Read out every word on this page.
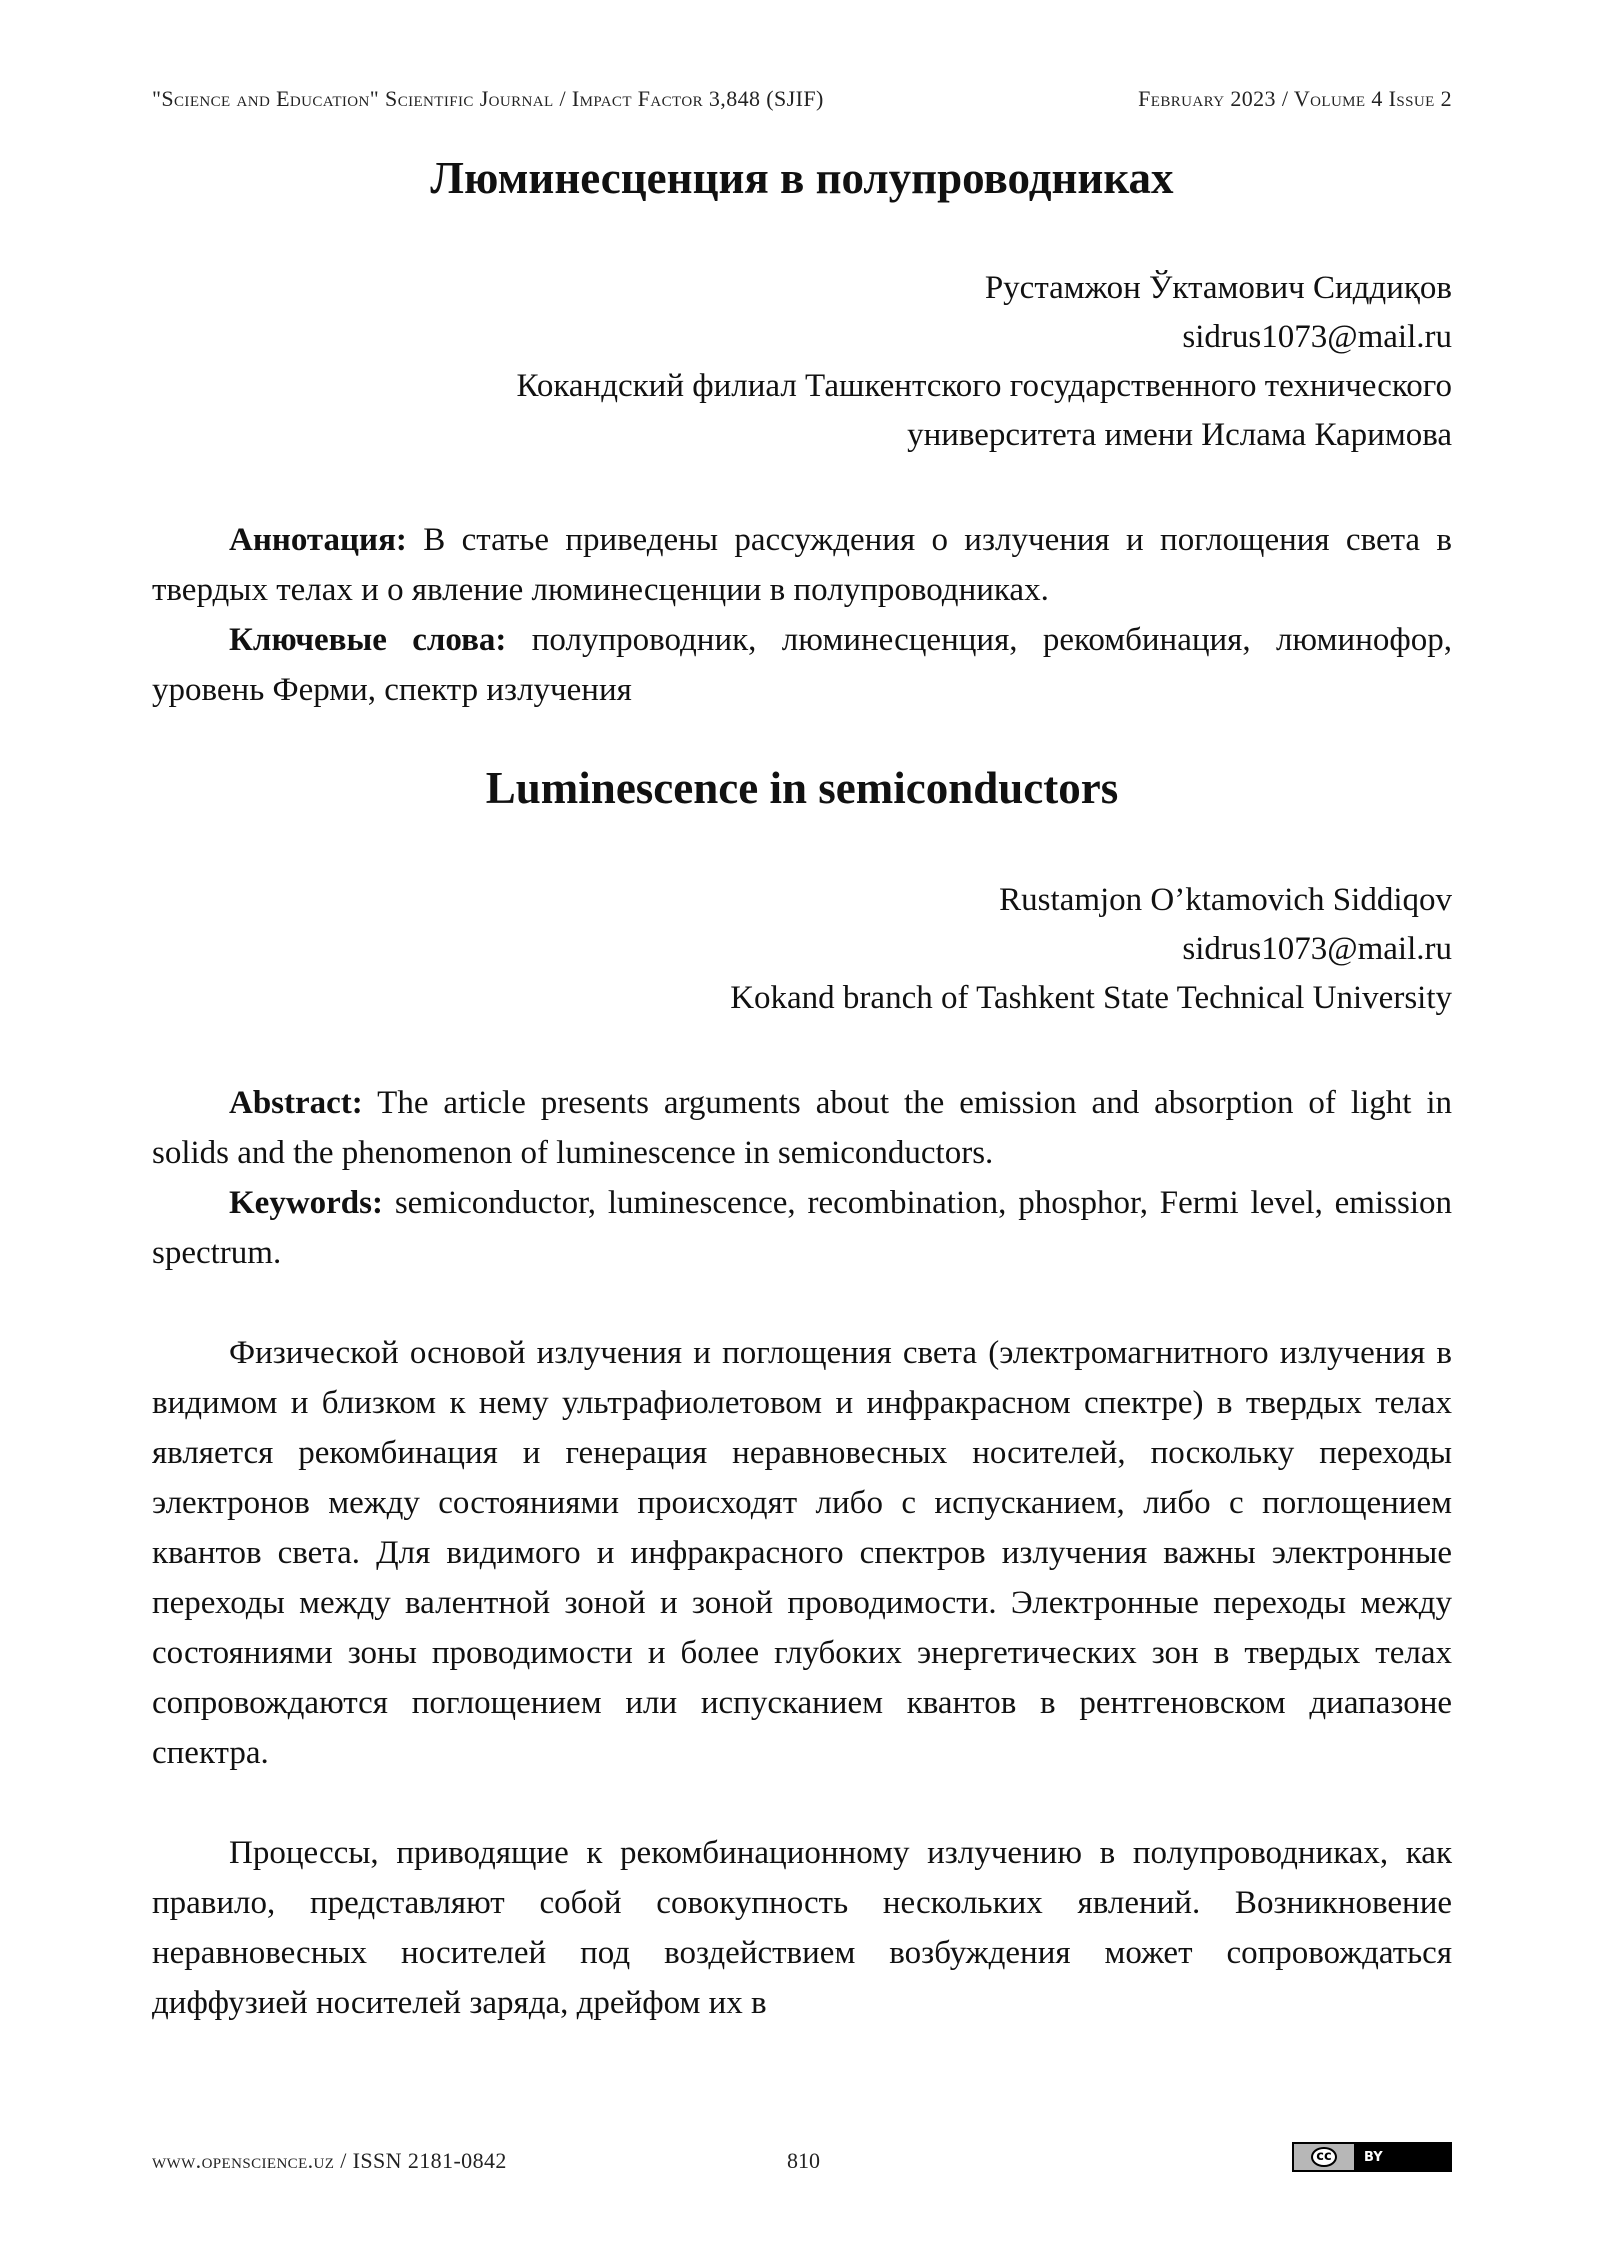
"Science and Education" Scientific Journal / Impact Factor 3,848 (SJIF)	February 2023 / Volume 4 Issue 2
Люминесценция в полупроводниках
Рустамжон Ўктамович Сиддиқов
sidrus1073@mail.ru
Кокандский филиал Ташкентского государственного технического
университета имени Ислама Каримова

Аннотация: В статье приведены рассуждения о излучения и поглощения света в твердых телах и о явление люминесценции в полупроводниках.

Ключевые слова: полупроводник, люминесценция, рекомбинация, люминофор, уровень Ферми, спектр излучения

Luminescence in semiconductors
Rustamjon O’ktamovich Siddiqov
sidrus1073@mail.ru
Kokand branch of Tashkent State Technical University

Abstract: The article presents arguments about the emission and absorption of light in solids and the phenomenon of luminescence in semiconductors.

Keywords: semiconductor, luminescence, recombination, phosphor, Fermi level, emission spectrum.

Физической основой излучения и поглощения света (электромагнитного излучения в видимом и близком к нему ультрафиолетовом и инфракрасном спектре) в твердых телах является рекомбинация и генерация неравновесных носителей, поскольку переходы электронов между состояниями происходят либо с испусканием, либо с поглощением квантов света. Для видимого и инфракрасного спектров излучения важны электронные переходы между валентной зоной и зоной проводимости. Электронные переходы между состояниями зоны проводимости и более глубоких энергетических зон в твердых телах сопровождаются поглощением или испусканием квантов в рентгеновском диапазоне спектра.

Процессы, приводящие к рекомбинационному излучению в полупроводниках, как правило, представляют собой совокупность нескольких явлений. Возникновение неравновесных носителей под воздействием возбуждения может сопровождаться диффузией носителей заряда, дрейфом их в

www.openscience.uz / ISSN 2181-0842	810	cc	BY
